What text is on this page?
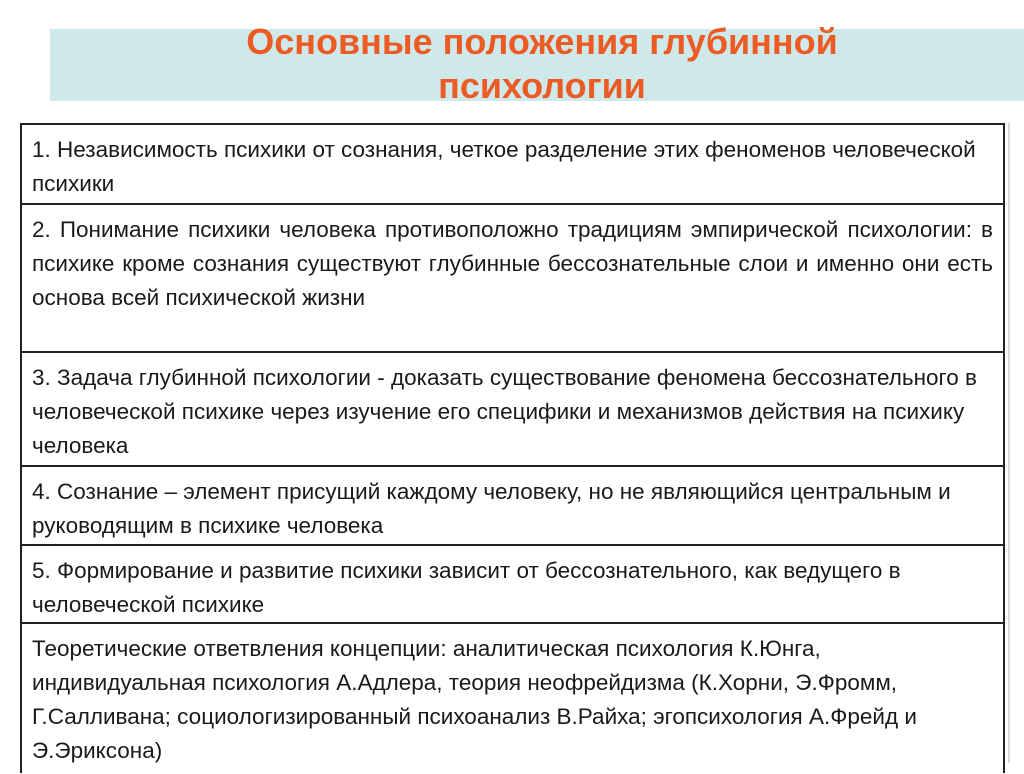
Основные положения глубинной
психологии
1. Независимость психики от сознания, четкое разделение этих феноменов человеческой психики
2. Понимание психики человека противоположно традициям эмпирической психологии: в психике кроме сознания существуют глубинные бессознательные слои и именно они есть основа всей психической жизни
3. Задача глубинной психологии - доказать существование феномена бессознательного в человеческой психике через изучение его специфики и механизмов действия на психику человека
4. Сознание – элемент присущий каждому человеку, но не являющийся центральным и руководящим в психике человека
5. Формирование и развитие психики зависит от бессознательного, как ведущего в человеческой психике
Теоретические ответвления концепции: аналитическая психология К.Юнга, индивидуальная психология А.Адлера, теория неофрейдизма (К.Хорни, Э.Фромм, Г.Салливана; социологизированный психоанализ В.Райха; эгопсихология А.Фрейд и Э.Эриксона)
